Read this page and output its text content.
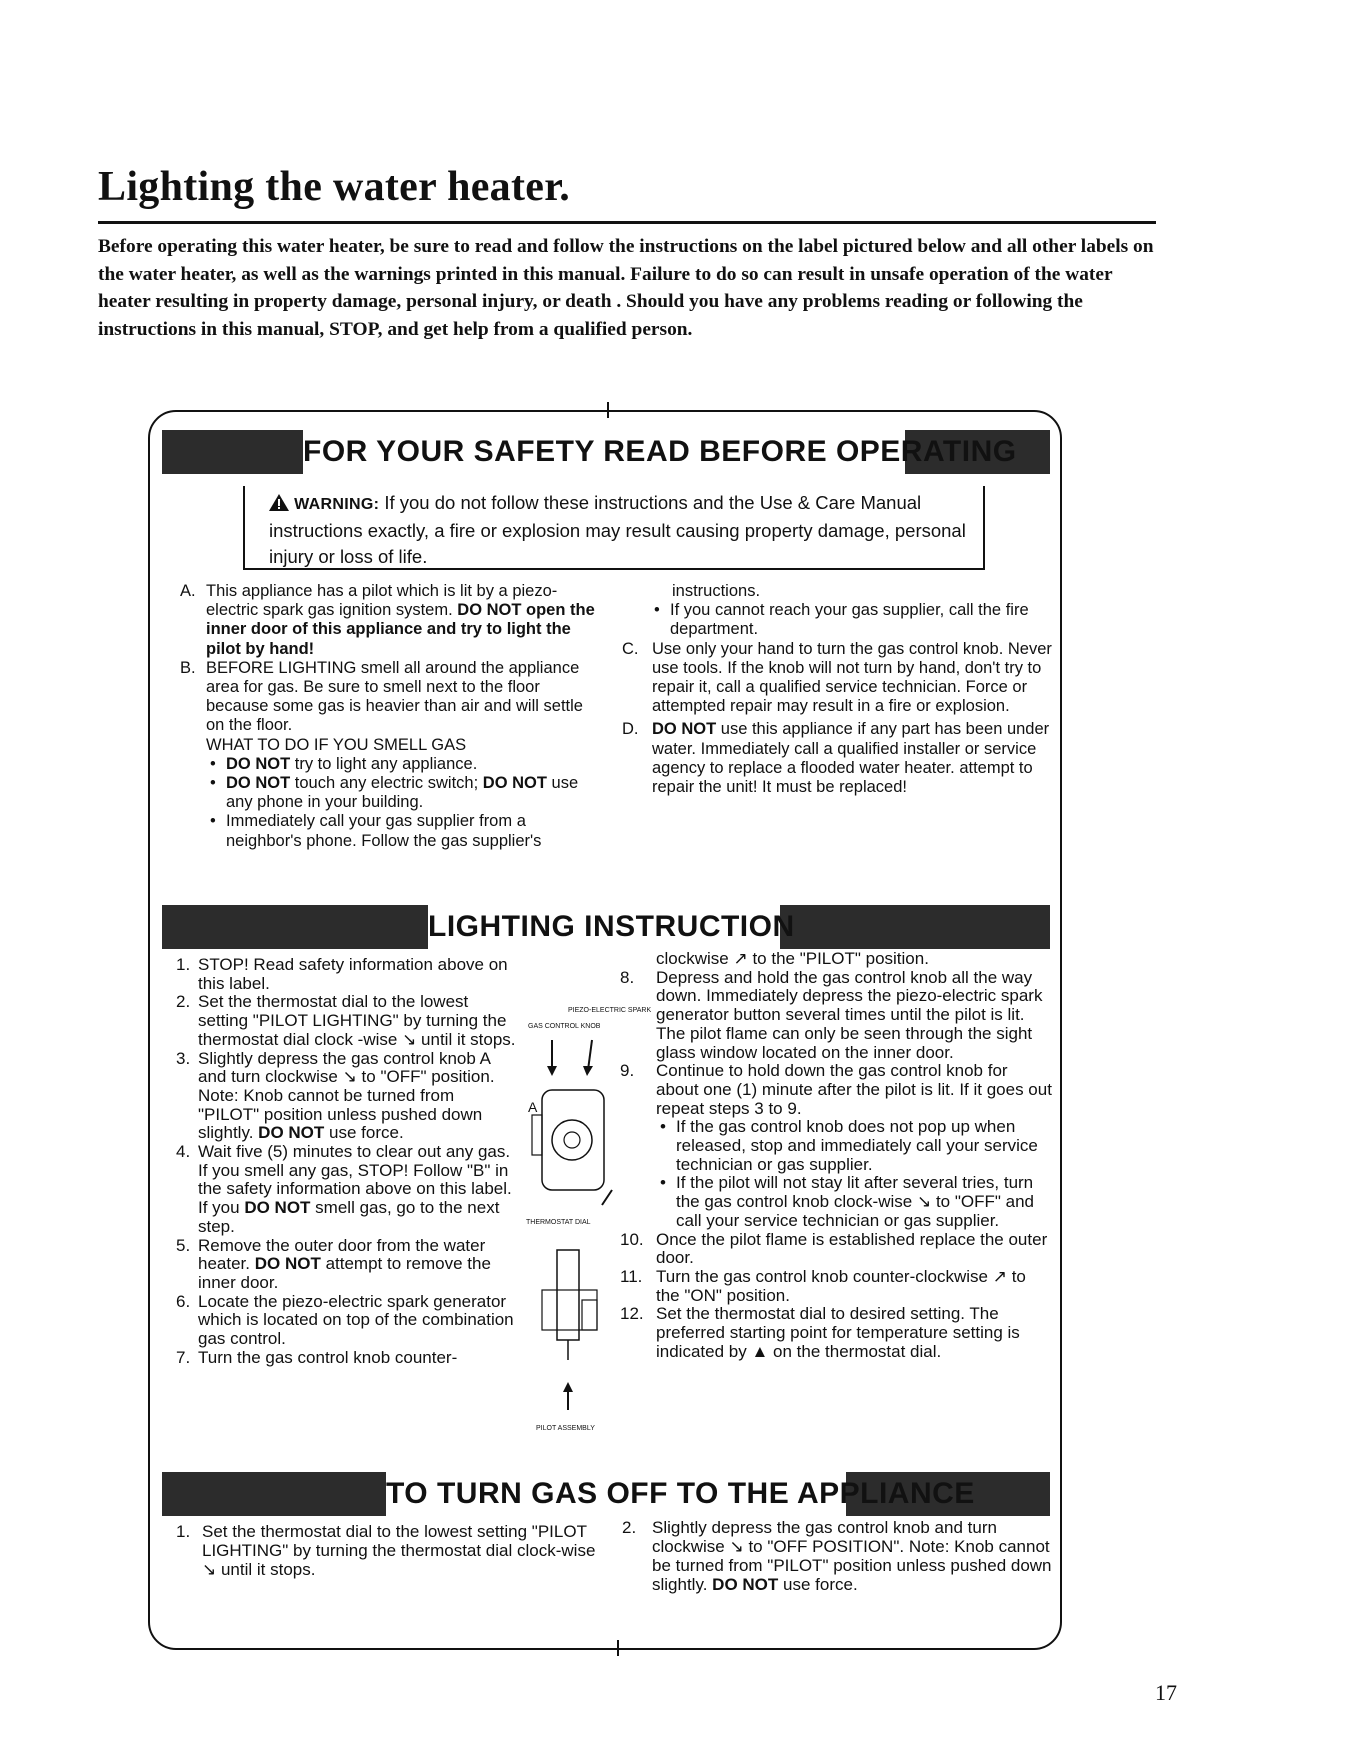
Lighting the water heater.

Before operating this water heater, be sure to read and follow the instructions on the label pictured below and all other labels on the water heater, as well as the warnings printed in this manual. Failure to do so can result in unsafe operation of the water heater resulting in property damage, personal injury, or death . Should you have any problems reading or following the instructions in this manual, STOP, and get help from a qualified person.

FOR YOUR SAFETY READ BEFORE OPERATING
WARNING: If you do not follow these instructions and the Use & Care Manual instructions exactly, a fire or explosion may result causing property damage, personal injury or loss of life.
A. This appliance has a pilot which is lit by a piezo-electric spark gas ignition system. DO NOT open the inner door of this appliance and try to light the pilot by hand!
B. BEFORE LIGHTING smell all around the appliance area for gas. Be sure to smell next to the floor because some gas is heavier than air and will settle on the floor.
WHAT TO DO IF YOU SMELL GAS
• DO NOT try to light any appliance.
• DO NOT touch any electric switch; DO NOT use any phone in your building.
• Immediately call your gas supplier from a neighbor's phone. Follow the gas supplier's
instructions.
• If you cannot reach your gas supplier, call the fire department.
C. Use only your hand to turn the gas control knob. Never use tools. If the knob will not turn by hand, don't try to repair it, call a qualified service technician. Force or attempted repair may result in a fire or explosion.
D. DO NOT use this appliance if any part has been under water. Immediately call a qualified installer or service agency to replace a flooded water heater. attempt to repair the unit! It must be replaced!
LIGHTING INSTRUCTION
1. STOP! Read safety information above on this label.
2. Set the thermostat dial to the lowest setting "PILOT LIGHTING" by turning the thermostat dial clock -wise ↘ until it stops.
3. Slightly depress the gas control knob A and turn clockwise ↘ to "OFF" position. Note: Knob cannot be turned from "PILOT" position unless pushed down slightly. DO NOT use force.
4. Wait five (5) minutes to clear out any gas. If you smell any gas, STOP! Follow "B" in the safety information above on this label. If you DO NOT smell gas, go to the next step.
5. Remove the outer door from the water heater. DO NOT attempt to remove the inner door.
6. Locate the piezo-electric spark generator which is located on top of the combination gas control.
7. Turn the gas control knob counter-
GAS CONTROL KNOB
PIEZO-ELECTRIC SPARK
A
THERMOSTAT DIAL
PILOT ASSEMBLY
clockwise ↗ to the "PILOT" position.
8. Depress and hold the gas control knob all the way down. Immediately depress the piezo-electric spark generator button several times until the pilot is lit. The pilot flame can only be seen through the sight glass window located on the inner door.
9. Continue to hold down the gas control knob for about one (1) minute after the pilot is lit. If it goes out repeat steps 3 to 9.
• If the gas control knob does not pop up when released, stop and immediately call your service technician or gas supplier.
• If the pilot will not stay lit after several tries, turn the gas control knob clock-wise ↘ to "OFF" and call your service technician or gas supplier.
10. Once the pilot flame is established replace the outer door.
11. Turn the gas control knob counter-clockwise ↗ to the "ON" position.
12. Set the thermostat dial to desired setting. The preferred starting point for temperature setting is indicated by ▲ on the thermostat dial.
TO TURN GAS OFF TO THE APPLIANCE
1. Set the thermostat dial to the lowest setting "PILOT LIGHTING" by turning the thermostat dial clock-wise ↘ until it stops.
2. Slightly depress the gas control knob and turn clockwise ↘ to "OFF POSITION". Note: Knob cannot be turned from "PILOT" position unless pushed down slightly. DO NOT use force.
17
